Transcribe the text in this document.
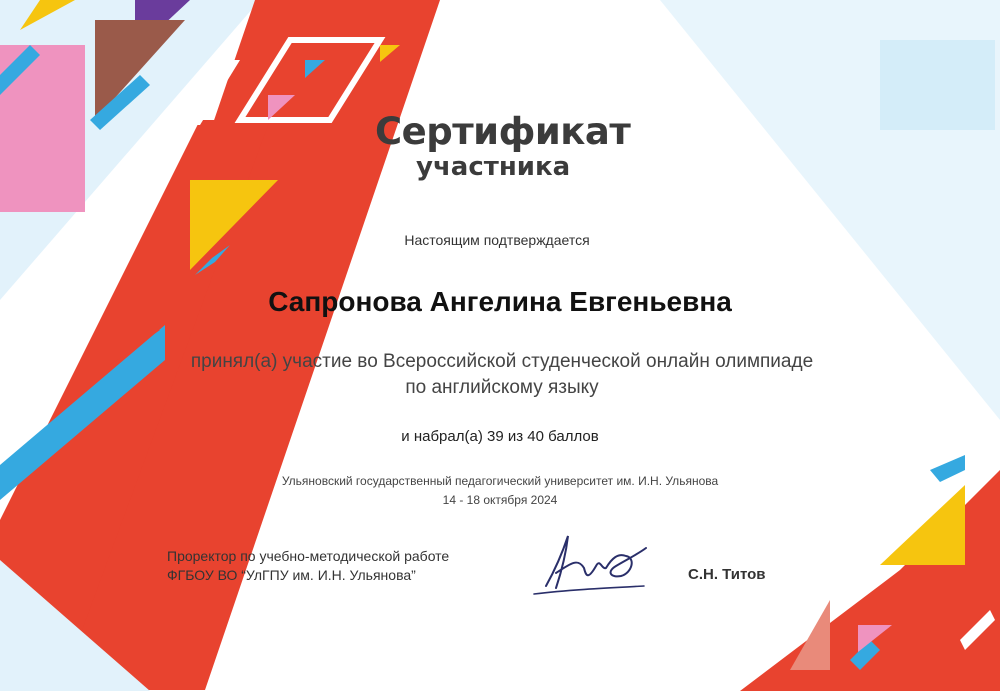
Сертификат
участника
Настоящим подтверждается
Сапронова Ангелина Евгеньевна
принял(а) участие во Всероссийской студенческой онлайн олимпиаде
по английскому языку
и набрал(а) 39 из 40 баллов
Ульяновский государственный педагогический университет им. И.Н. Ульянова
14 - 18 октября 2024
Проректор по учебно-методической работе
ФГБОУ ВО “УлГПУ им. И.Н. Ульянова”	С.Н. Титов
